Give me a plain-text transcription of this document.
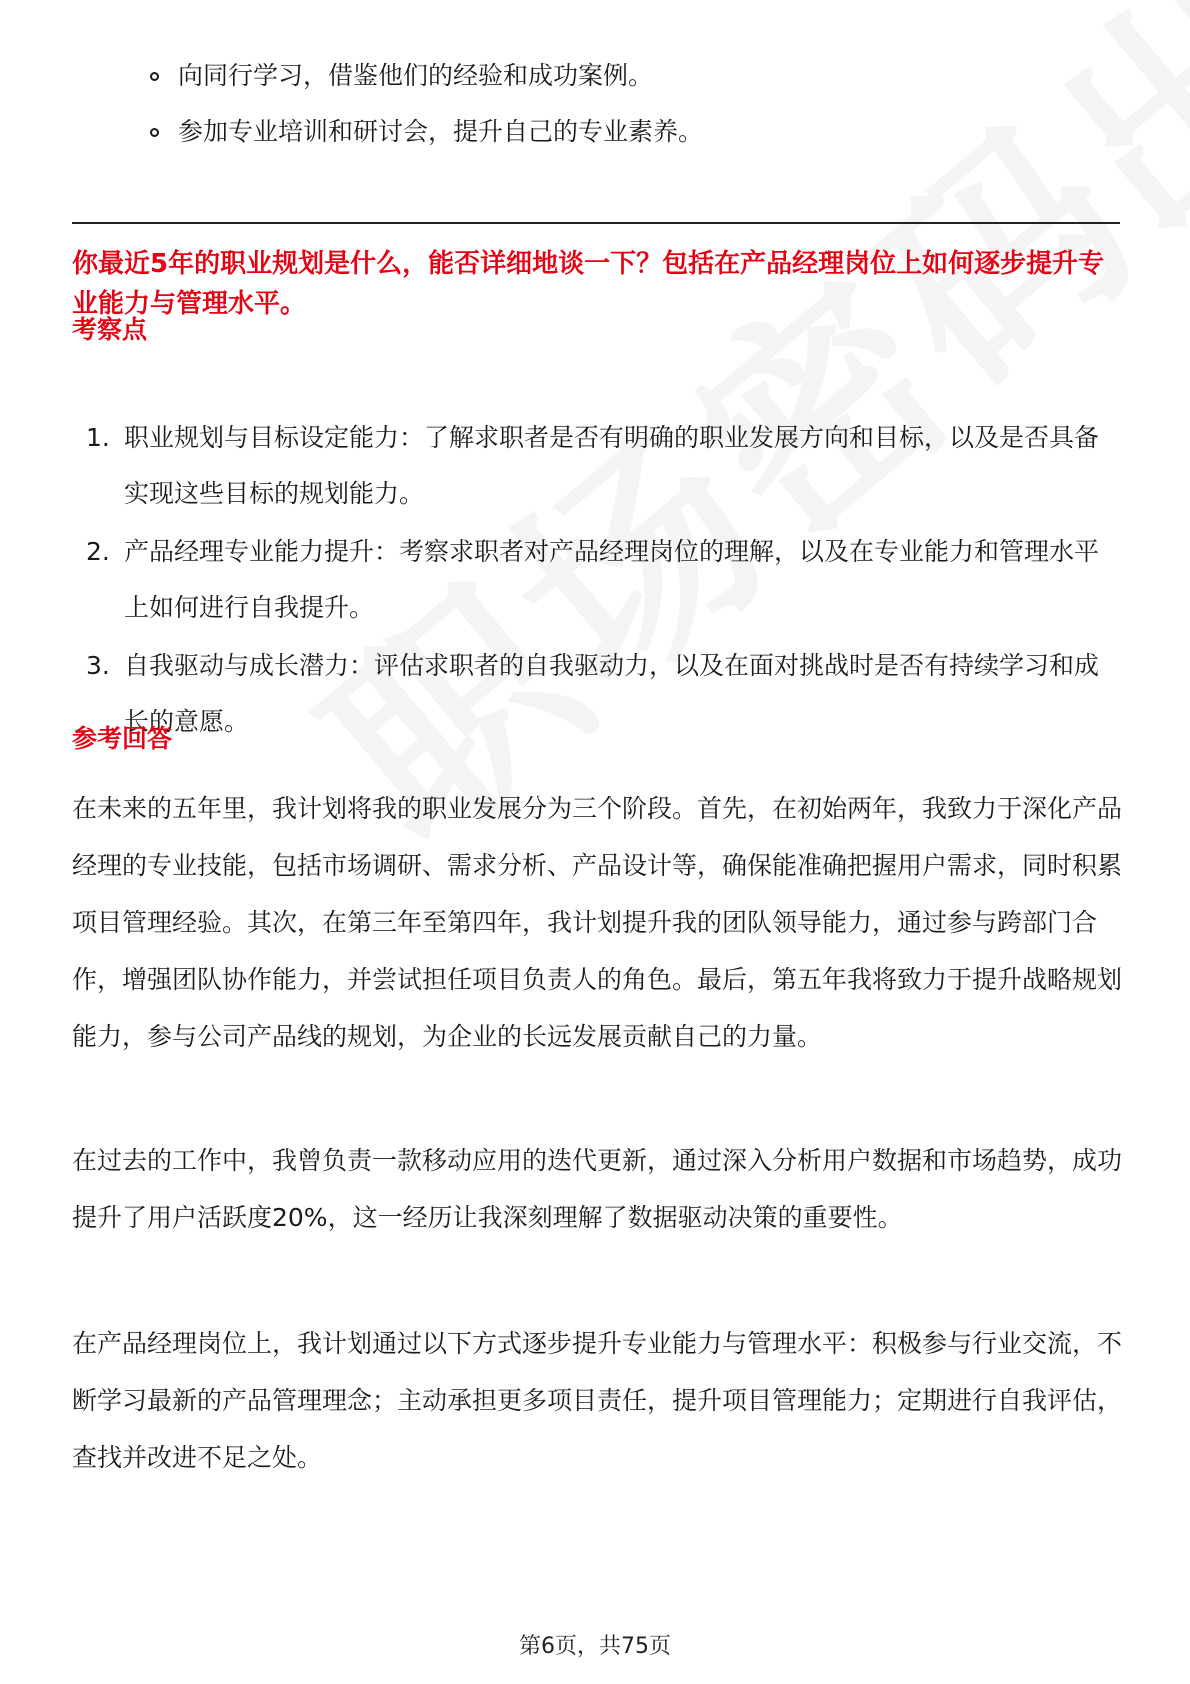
向同行学习，借鉴他们的经验和成功案例。
参加专业培训和研讨会，提升自己的专业素养。

你最近5年的职业规划是什么，能否详细地谈一下？包括在产品经理岗位上如何逐步提升专业能力与管理水平。

考察点
1. 职业规划与目标设定能力：了解求职者是否有明确的职业发展方向和目标，以及是否具备实现这些目标的规划能力。
2. 产品经理专业能力提升：考察求职者对产品经理岗位的理解，以及在专业能力和管理水平上如何进行自我提升。
3. 自我驱动与成长潜力：评估求职者的自我驱动力，以及在面对挑战时是否有持续学习和成长的意愿。
参考回答

在未来的五年里，我计划将我的职业发展分为三个阶段。首先，在初始两年，我致力于深化产品经理的专业技能，包括市场调研、需求分析、产品设计等，确保能准确把握用户需求，同时积累项目管理经验。其次，在第三年至第四年，我计划提升我的团队领导能力，通过参与跨部门合作，增强团队协作能力，并尝试担任项目负责人的角色。最后，第五年我将致力于提升战略规划能力，参与公司产品线的规划，为企业的长远发展贡献自己的力量。

在过去的工作中，我曾负责一款移动应用的迭代更新，通过深入分析用户数据和市场趋势，成功提升了用户活跃度20%，这一经历让我深刻理解了数据驱动决策的重要性。

在产品经理岗位上，我计划通过以下方式逐步提升专业能力与管理水平：积极参与行业交流，不断学习最新的产品管理理念；主动承担更多项目责任，提升项目管理能力；定期进行自我评估，查找并改进不足之处。

第6页，共75页
